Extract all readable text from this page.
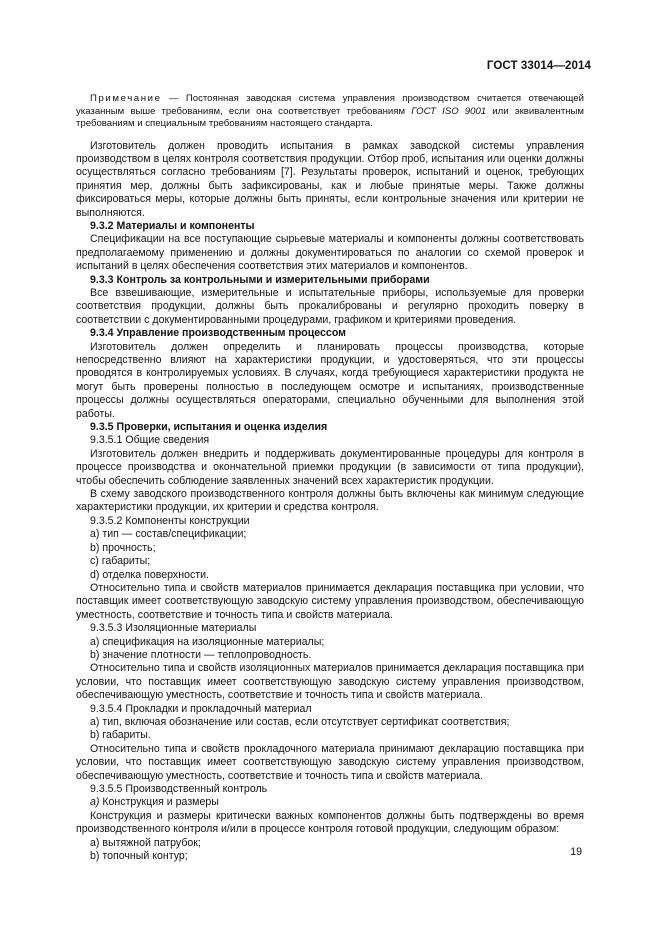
ГОСТ 33014—2014

Примечание — Постоянная заводская система управления производством считается отвечающей указанным выше требованиям, если она соответствует требованиям ГОСТ ISO 9001 или эквивалентным требованиям и специальным требованиям настоящего стандарта.

Изготовитель должен проводить испытания в рамках заводской системы управления производством в целях контроля соответствия продукции. Отбор проб, испытания или оценки должны осуществляться согласно требованиям [7]. Результаты проверок, испытаний и оценок, требующих принятия мер, должны быть зафиксированы, как и любые принятые меры. Также должны фиксироваться меры, которые должны быть приняты, если контрольные значения или критерии не выполняются.

9.3.2 Материалы и компоненты

Спецификации на все поступающие сырьевые материалы и компоненты должны соответствовать предполагаемому применению и должны документироваться по аналогии со схемой проверок и испытаний в целях обеспечения соответствия этих материалов и компонентов.

9.3.3 Контроль за контрольными и измерительными приборами

Все взвешивающие, измерительные и испытательные приборы, используемые для проверки соответствия продукции, должны быть прокалиброваны и регулярно проходить поверку в соответствии с документированными процедурами, графиком и критериями проведения.

9.3.4 Управление производственным процессом

Изготовитель должен определить и планировать процессы производства, которые непосредственно влияют на характеристики продукции, и удостоверяться, что эти процессы проводятся в контролируемых условиях. В случаях, когда требующиеся характеристики продукта не могут быть проверены полностью в последующем осмотре и испытаниях, производственные процессы должны осуществляться операторами, специально обученными для выполнения этой работы.

9.3.5 Проверки, испытания и оценка изделия

9.3.5.1 Общие сведения

Изготовитель должен внедрить и поддерживать документированные процедуры для контроля в процессе производства и окончательной приемки продукции (в зависимости от типа продукции), чтобы обеспечить соблюдение заявленных значений всех характеристик продукции.

В схему заводского производственного контроля должны быть включены как минимум следующие характеристики продукции, их критерии и средства контроля.

9.3.5.2 Компоненты конструкции

а) тип — состав/спецификации;

b) прочность;

с) габариты;

d) отделка поверхности.

Относительно типа и свойств материалов принимается декларация поставщика при условии, что поставщик имеет соответствующую заводскую систему управления производством, обеспечивающую уместность, соответствие и точность типа и свойств материала.

9.3.5.3 Изоляционные материалы

а) спецификация на изоляционные материалы;

b) значение плотности — теплопроводность.

Относительно типа и свойств изоляционных материалов принимается декларация поставщика при условии, что поставщик имеет соответствующую заводскую систему управления производством, обеспечивающую уместность, соответствие и точность типа и свойств материала.

9.3.5.4 Прокладки и прокладочный материал

а) тип, включая обозначение или состав, если отсутствует сертификат соответствия;

b) габариты.

Относительно типа и свойств прокладочного материала принимают декларацию поставщика при условии, что поставщик имеет соответствующую заводскую систему управления производством, обеспечивающую уместность, соответствие и точность типа и свойств материала.

9.3.5.5 Производственный контроль

а) Конструкция и размеры

Конструкция и размеры критически важных компонентов должны быть подтверждены во время производственного контроля и/или в процессе контроля готовой продукции, следующим образом:

а) вытяжной патрубок;

b) топочный контур;	19
